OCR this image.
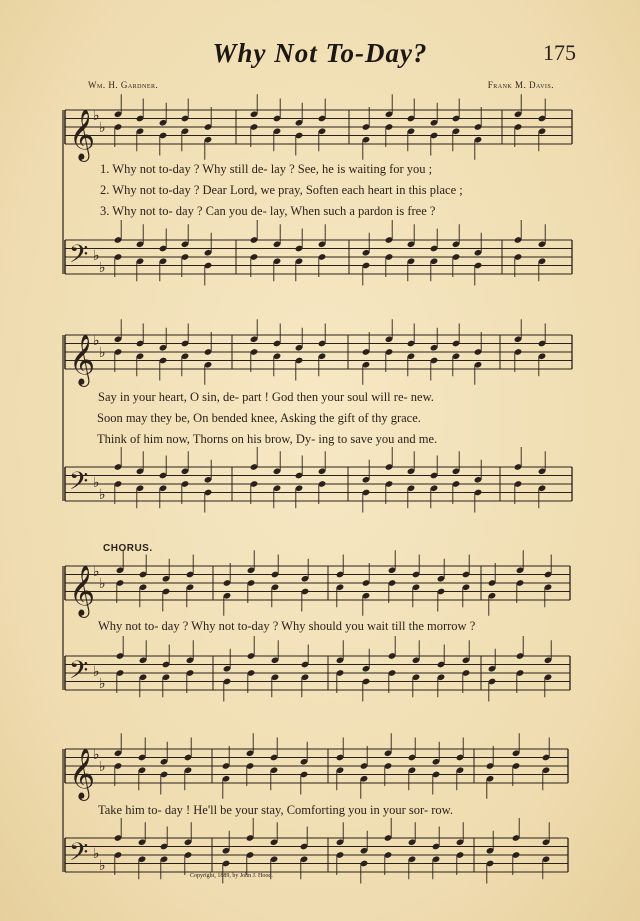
Why Not To-Day?	175
Wm. H. Gardner.	Frank M. Davis.
𝄞
♭
♭
𝄢 ♭
♭
𝄞
♭
♭
𝄢 ♭
♭
𝄞
♭
♭
𝄢 ♭
♭
𝄞
♭
♭
𝄢 ♭
♭
1. Why not to-day ? Why still de- lay ? See, he is waiting for you ;
2. Why not to-day ? Dear Lord, we pray, Soften each heart in this place ;
3. Why not to- day ? Can you de- lay, When such a pardon is free ?
Say in your heart, O sin, de- part ! God then your soul will re- new.
Soon may they be, On bended knee, Asking the gift of thy grace.
Think of him now, Thorns on his brow, Dy- ing to save you and me.
CHORUS.
Why not to- day ? Why not to-day ? Why should you wait till the morrow ?
Take him to- day ! He'll be your stay, Comforting you in your sor- row.
Copyright, 1889, by John J. Hood.
